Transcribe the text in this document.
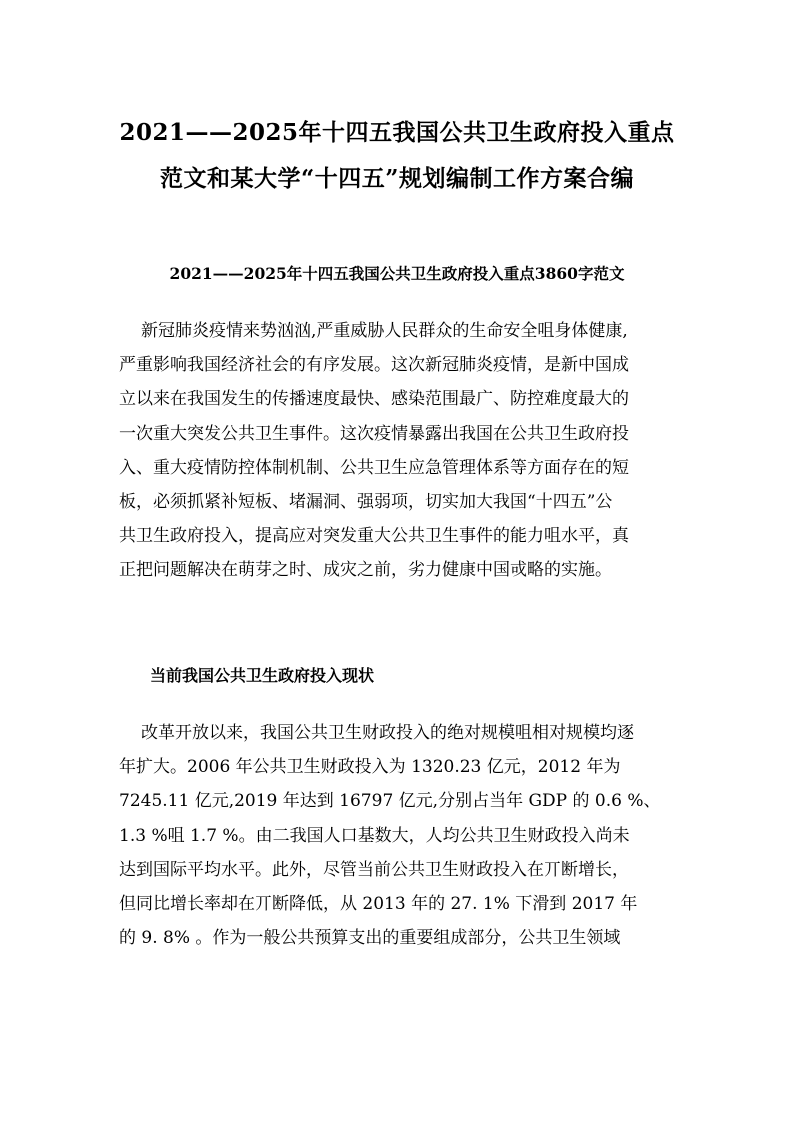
2021——2025年十四五我国公共卫生政府投入重点
范文和某大学“十四五”规划编制工作方案合编
2021——2025年十四五我国公共卫生政府投入重点3860字范文
新冠肺炎疫情来势汹汹,严重威胁人民群众的生命安全咀身体健康,
严重影响我国经济社会的有序发展。这次新冠肺炎疫情，是新中国成
立以来在我国发生的传播速度最快、感染范围最广、防控难度最大的
一次重大突发公共卫生事件。这次疫情暴露出我国在公共卫生政府投
入、重大疫情防控体制机制、公共卫生应急管理体系等方面存在的短
板，必须抓紧补短板、堵漏洞、强弱项，切实加大我国“十四五”公
共卫生政府投入，提高应对突发重大公共卫生事件的能力咀水平，真
正把问题解决在萌芽之时、成灾之前，劣力健康中国戓略的实施。
当前我国公共卫生政府投入现状
改革开放以来，我国公共卫生财政投入的绝对规模咀相对规模均逐
年扩大。2006 年公共卫生财政投入为 1320.23 亿元，2012 年为
7245.11 亿元,2019 年达到 16797 亿元,分别占当年 GDP 的 0.6 %、
1.3 %咀 1.7 %。由二我国人口基数大，人均公共卫生财政投入尚未
达到国际平均水平。此外，尽管当前公共卫生财政投入在丌断增长，
但同比增长率却在丌断降低，从 2013 年的 27. 1% 下滑到 2017 年
的 9. 8% 。作为一般公共预算支出的重要组成部分，公共卫生领域
